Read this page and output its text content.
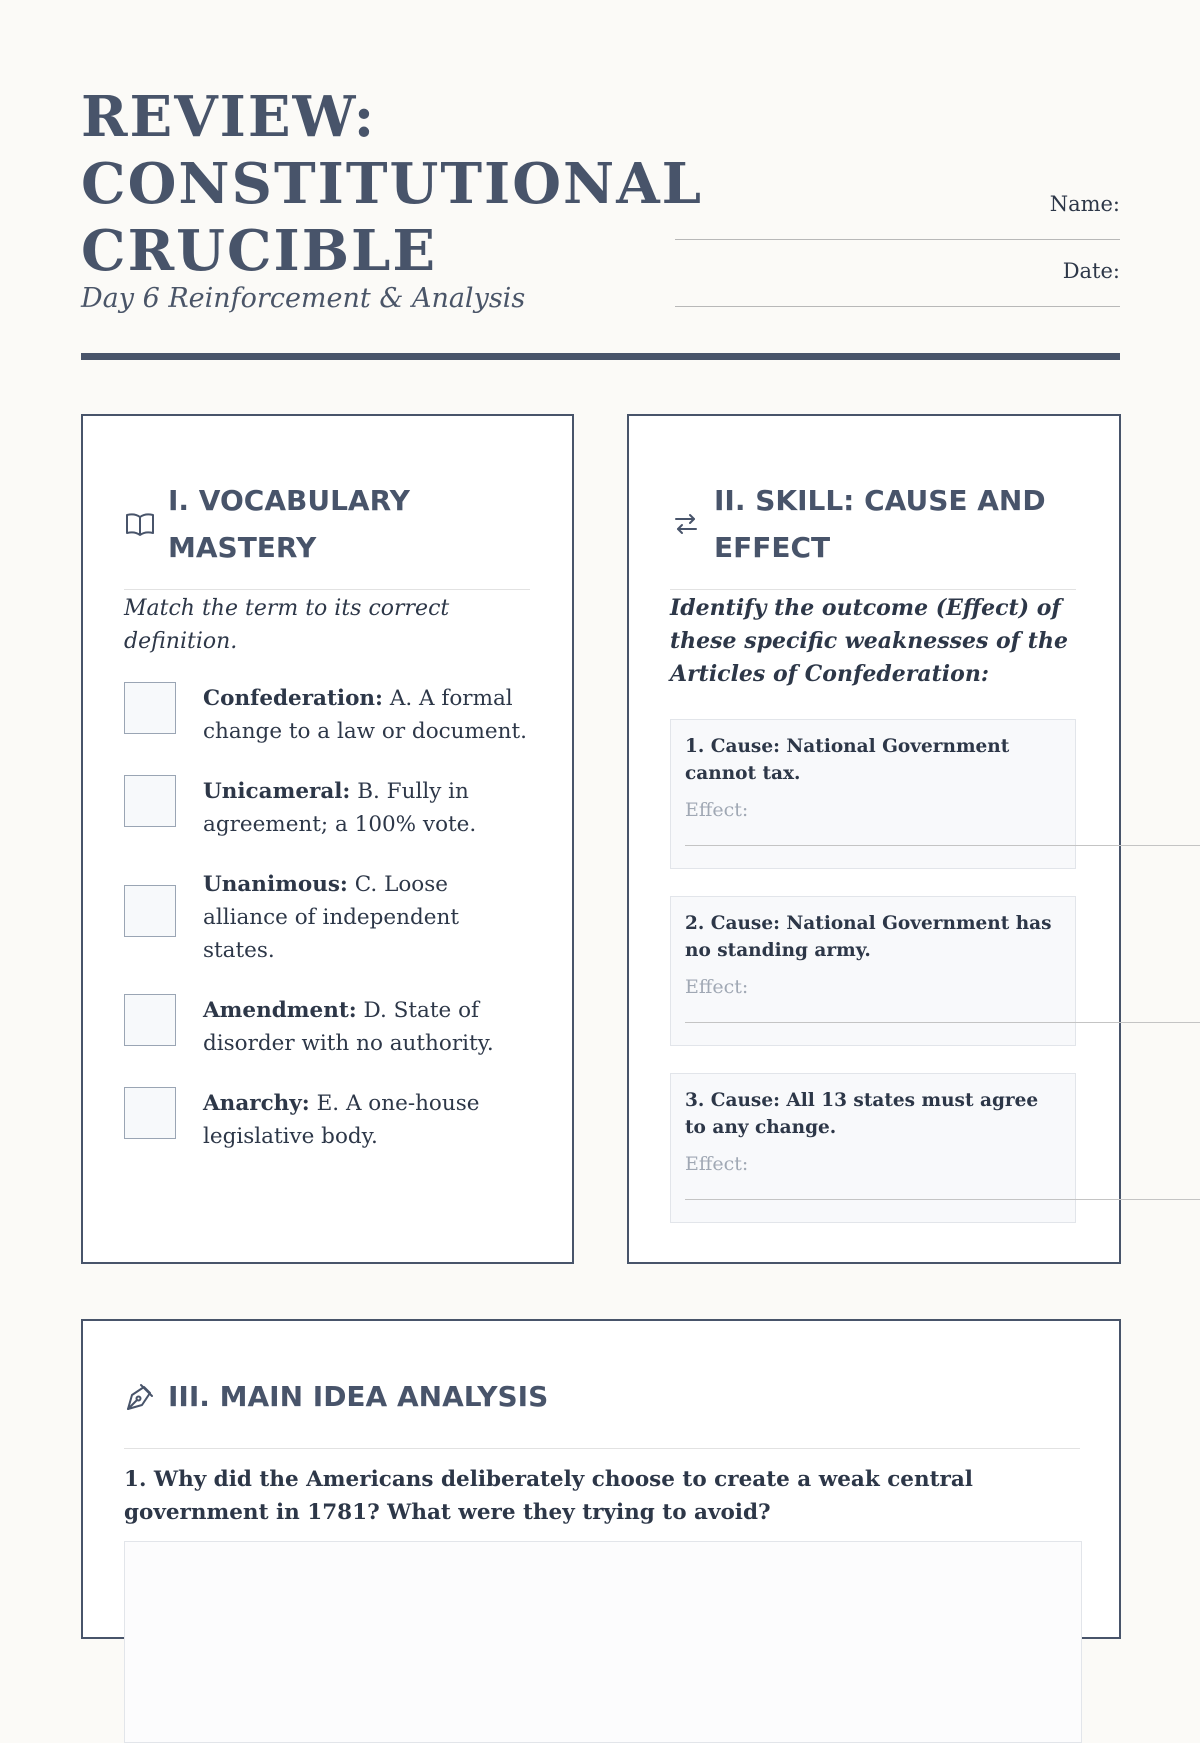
REVIEW: CONSTITUTIONAL CRUCIBLE

Day 6 Reinforcement & Analysis

Name:
Date:
I. VOCABULARY MASTERY

Match the term to its correct definition.

Confederation: A. A formal change to a law or document.
Unicameral: B. Fully in agreement; a 100% vote.
Unanimous: C. Loose alliance of independent states.
Amendment: D. State of disorder with no authority.
Anarchy: E. A one-house legislative body.
II. SKILL: CAUSE AND EFFECT

Identify the outcome (Effect) of these specific weaknesses of the Articles of Confederation:

1. Cause: National Government cannot tax.
Effect:
2. Cause: National Government has no standing army.
Effect:
3. Cause: All 13 states must agree to any change.
Effect:
III. MAIN IDEA ANALYSIS

1. Why did the Americans deliberately choose to create a weak central government in 1781? What were they trying to avoid?
